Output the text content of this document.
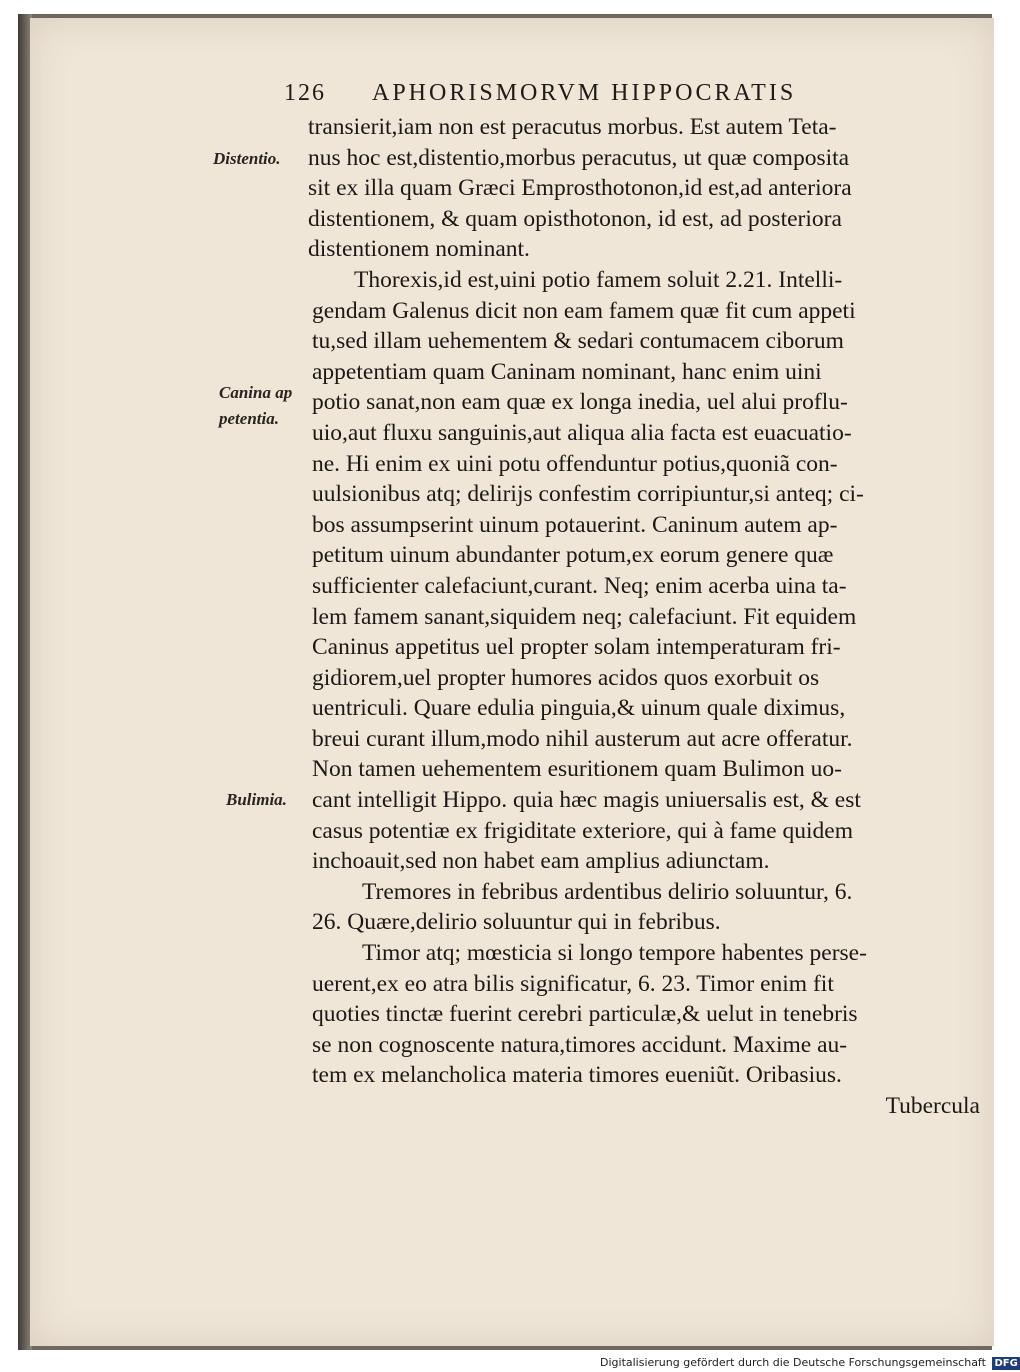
126 APHORISMORVM HIPPOCRATIS
Distentio.
Canina ap
petentia.
Bulimia.
transierit,iam non est peracutus morbus. Est autem Teta-
nus hoc est,distentio,morbus peracutus, ut quæ composita
sit ex illa quam Græci Emprosthotonon,id est,ad anteriora
distentionem, & quam opisthotonon, id est, ad posteriora
distentionem nominant.
Thorexis,id est,uini potio famem soluit 2.21. Intelli-
gendam Galenus dicit non eam famem quæ fit cum appeti
tu,sed illam uehementem & sedari contumacem ciborum
appetentiam quam Caninam nominant, hanc enim uini
potio sanat,non eam quæ ex longa inedia, uel alui proflu-
uio,aut fluxu sanguinis,aut aliqua alia facta est euacuatio-
ne. Hi enim ex uini potu offenduntur potius,quoniã con-
uulsionibus atq; delirijs confestim corripiuntur,si anteq; ci-
bos assumpserint uinum potauerint. Caninum autem ap-
petitum uinum abundanter potum,ex eorum genere quæ
sufficienter calefaciunt,curant. Neq; enim acerba uina ta-
lem famem sanant,siquidem neq; calefaciunt. Fit equidem
Caninus appetitus uel propter solam intemperaturam fri-
gidiorem,uel propter humores acidos quos exorbuit os
uentriculi. Quare edulia pinguia,& uinum quale diximus,
breui curant illum,modo nihil austerum aut acre offeratur.
Non tamen uehementem esuritionem quam Bulimon uo-
cant intelligit Hippo. quia hæc magis uniuersalis est, & est
casus potentiæ ex frigiditate exteriore, qui à fame quidem
inchoauit,sed non habet eam amplius adiunctam.
Tremores in febribus ardentibus delirio soluuntur, 6.
26. Quære,delirio soluuntur qui in febribus.
Timor atq; mœsticia si longo tempore habentes perse-
uerent,ex eo atra bilis significatur, 6. 23. Timor enim fit
quoties tinctæ fuerint cerebri particulæ,& uelut in tenebris
se non cognoscente natura,timores accidunt. Maxime au-
tem ex melancholica materia timores eueniũt. Oribasius.
Tubercula
Digitalisierung gefördert durch die Deutsche Forschungsgemeinschaft DFG
